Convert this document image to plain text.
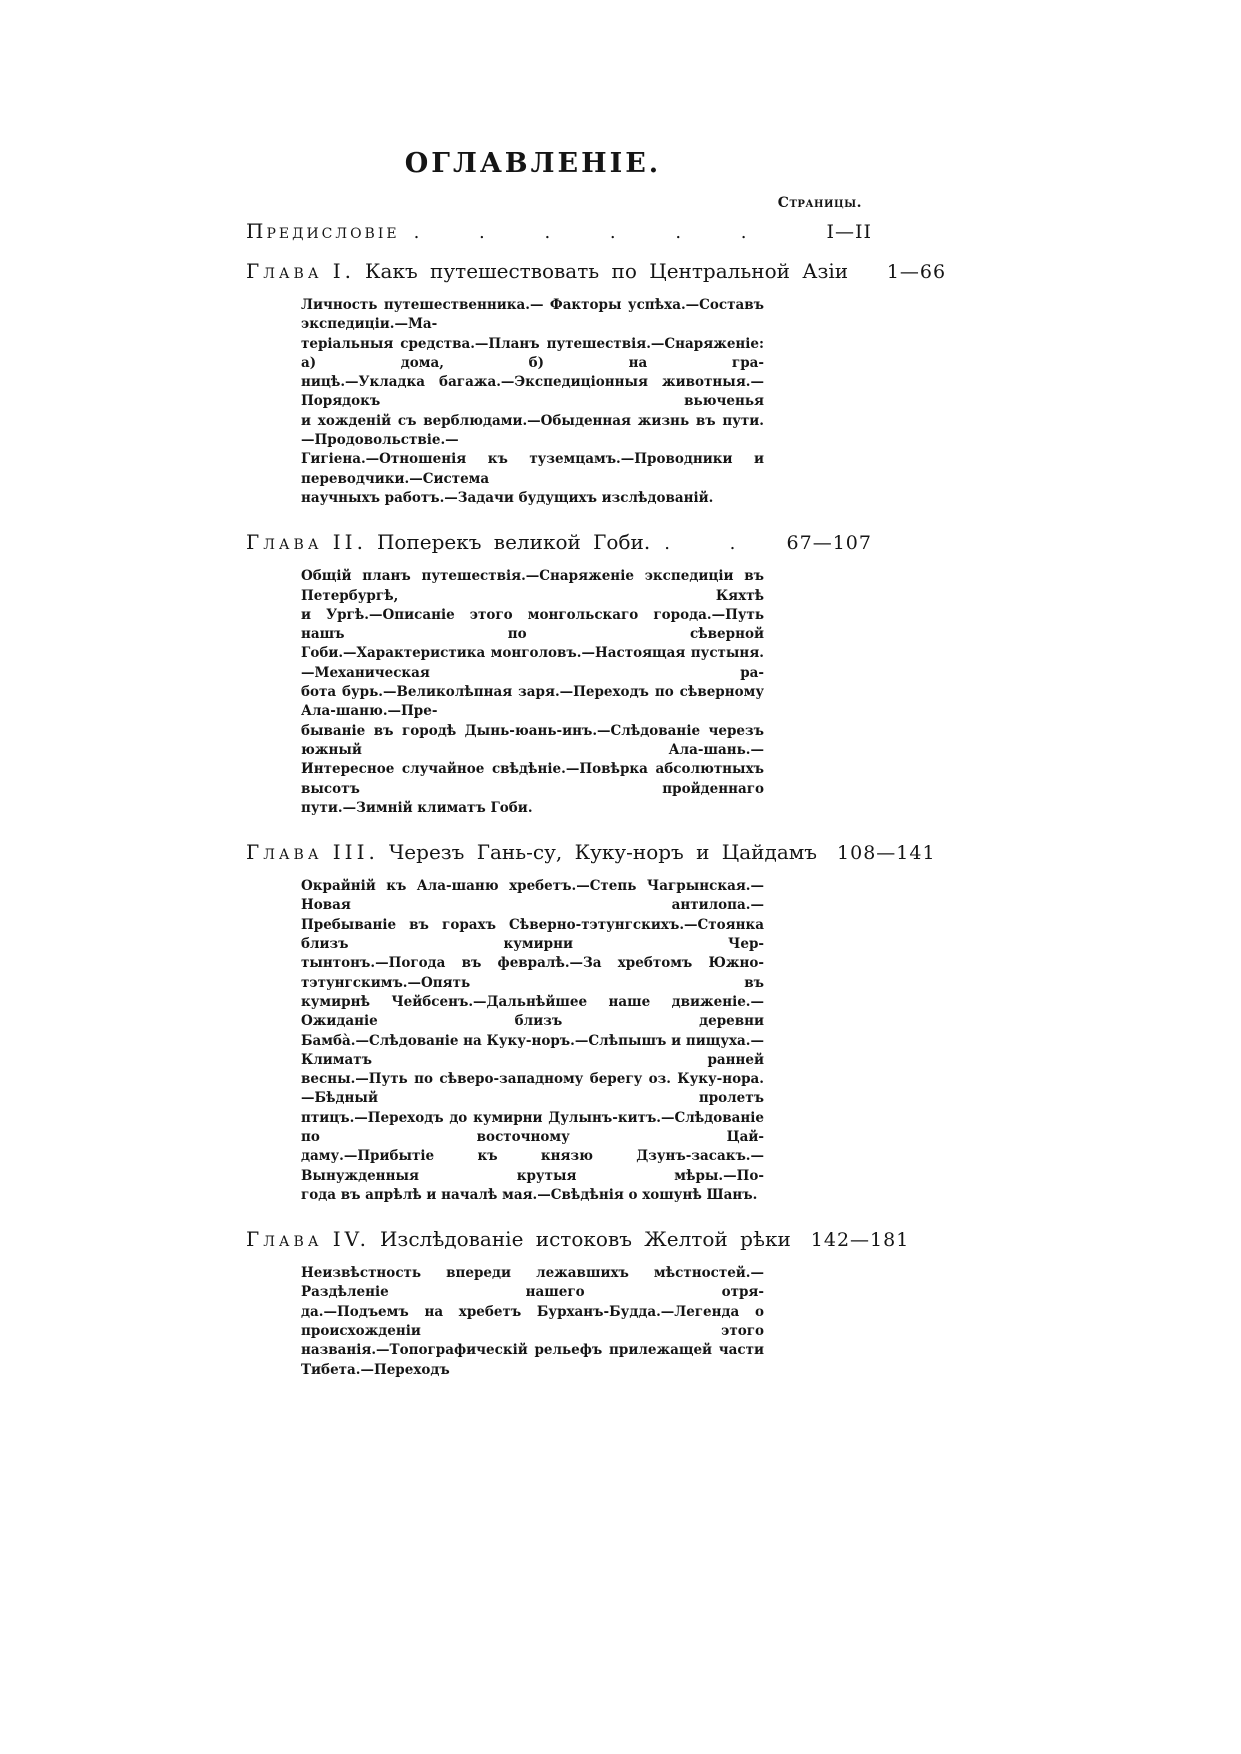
ОГЛАВЛЕНІЕ.
Страницы.
Предисловіе . . .	I—II
Глава I. Какъ путешествовать по Центральной Азіи	1—66
Личность путешественника.— Факторы успѣха.—Составъ экспедиціи.—Ма-
теріальныя средства.—Планъ путешествія.—Снаряженіе: а) дома, б) на гра-
ницѣ.—Укладка багажа.—Экспедиціонныя животныя.—Порядокъ вьюченья
и хожденій съ верблюдами.—Обыденная жизнь въ пути.—Продовольствіе.—
Гигіена.—Отношенія къ туземцамъ.—Проводники и переводчики.—Система
научныхъ работъ.—Задачи будущихъ изслѣдованій.
Глава II. Поперекъ великой Гоби. . . .	67—107
Общій планъ путешествія.—Снаряженіе экспедиціи въ Петербургѣ, Кяхтѣ
и Ургѣ.—Описаніе этого монгольскаго города.—Путь нашъ по сѣверной
Гоби.—Характеристика монголовъ.—Настоящая пустыня.—Механическая ра-
бота бурь.—Великолѣпная заря.—Переходъ по сѣверному Ала-шаню.—Пре-
бываніе въ городѣ Дынь-юань-инъ.—Слѣдованіе черезъ южный Ала-шань.—
Интересное случайное свѣдѣніе.—Повѣрка абсолютныхъ высотъ пройденнаго
пути.—Зимній климатъ Гоби.
Глава III. Черезъ Гань-су, Куку-норъ и Цайдамъ 108—141
Окрайній къ Ала-шаню хребетъ.—Степь Чагрынская.—Новая антилопа.—
Пребываніе въ горахъ Сѣверно-тэтунгскихъ.—Стоянка близъ кумирни Чер-
тынтонъ.—Погода въ февралѣ.—За хребтомъ Южно-тэтунгскимъ.—Опять въ
кумирнѣ Чейбсенъ.—Дальнѣйшее наше движеніе.—Ожиданіе близъ деревни
Бамбà.—Слѣдованіе на Куку-норъ.—Слѣпышъ и пищуха.—Климатъ ранней
весны.—Путь по сѣверо-западному берегу оз. Куку-нора.—Бѣдный пролетъ
птицъ.—Переходъ до кумирни Дулынъ-китъ.—Слѣдованіе по восточному Цай-
даму.—Прибытіе къ князю Дзунъ-засакъ.—Вынужденныя крутыя мѣры.—По-
года въ апрѣлѣ и началѣ мая.—Свѣдѣнія о хошунѣ Шанъ.
Глава IV. Изслѣдованіе истоковъ Желтой рѣки 142—181
Неизвѣстность впереди лежавшихъ мѣстностей.—Раздѣленіе нашего отря-
да.—Подъемъ на хребетъ Бурханъ-Будда.—Легенда о происхожденіи этого
названія.—Топографическій рельефъ прилежащей части Тибета.—Переходъ
